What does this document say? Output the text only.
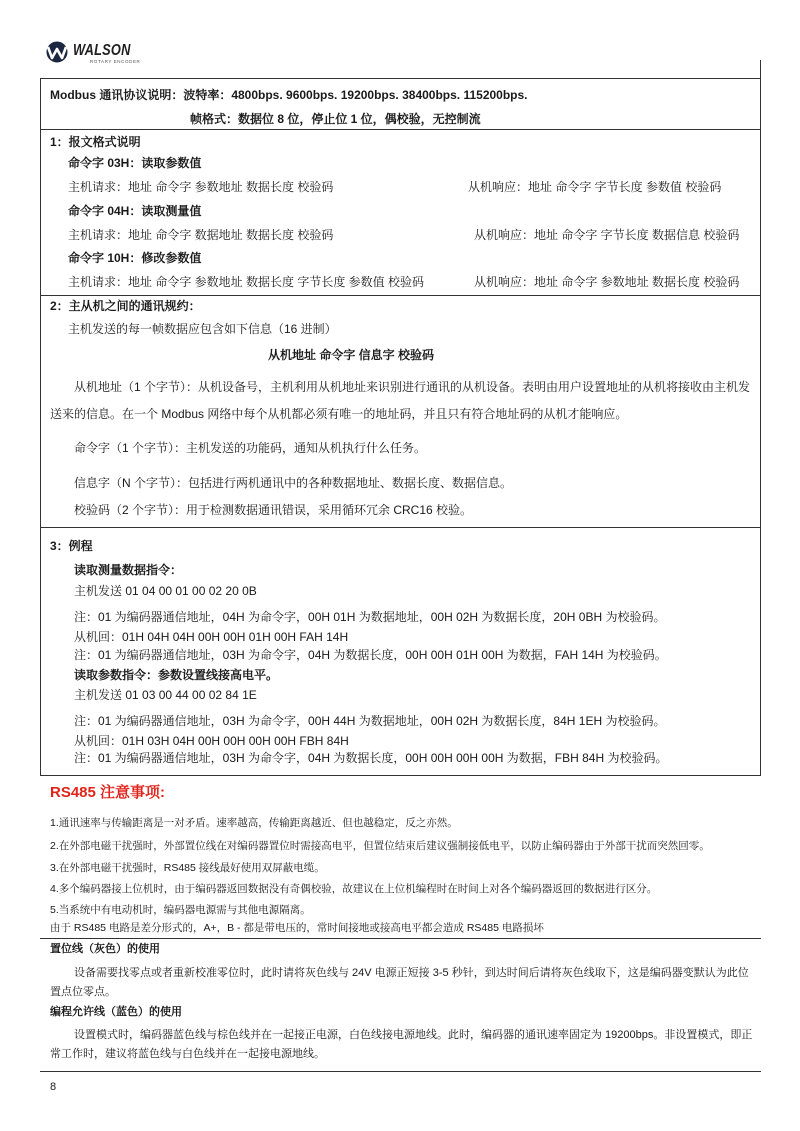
WALSON
ROTARY ENCODER
Modbus 通讯协议说明：波特率：4800bps. 9600bps. 19200bps. 38400bps. 115200bps.
帧格式：数据位 8 位，停止位 1 位，偶校验，无控制流
1：报文格式说明
命令字 03H：读取参数值
主机请求：地址 命令字 参数地址 数据长度 校验码	从机响应：地址 命令字 字节长度 参数值 校验码
命令字 04H：读取测量值
主机请求：地址 命令字 数据地址 数据长度 校验码	从机响应：地址 命令字 字节长度 数据信息 校验码
命令字 10H：修改参数值
主机请求：地址 命令字 参数地址 数据长度 字节长度 参数值 校验码	从机响应：地址 命令字 参数地址 数据长度 校验码
2：主从机之间的通讯规约：
主机发送的每一帧数据应包含如下信息（16 进制）
从机地址 命令字 信息字 校验码
从机地址（1 个字节）：从机设备号，主机利用从机地址来识别进行通讯的从机设备。表明由用户设置地址的从机将接收由主机发送来的信息。在一个 Modbus 网络中每个从机都必须有唯一的地址码，并且只有符合地址码的从机才能响应。
命令字（1 个字节）：主机发送的功能码，通知从机执行什么任务。
信息字（N 个字节）：包括进行两机通讯中的各种数据地址、数据长度、数据信息。
校验码（2 个字节）：用于检测数据通讯错误，采用循环冗余 CRC16 校验。
3：例程
读取测量数据指令：
主机发送 01 04 00 01 00 02 20 0B
注：01 为编码器通信地址，04H 为命令字，00H 01H 为数据地址，00H 02H 为数据长度，20H 0BH 为校验码。
从机回：01H 04H 04H 00H 00H 01H 00H FAH 14H
注：01 为编码器通信地址，03H 为命令字，04H 为数据长度，00H 00H 01H 00H 为数据，FAH 14H 为校验码。
读取参数指令：参数设置线接高电平。
主机发送 01 03 00 44 00 02 84 1E
注：01 为编码器通信地址，03H 为命令字，00H 44H 为数据地址，00H 02H 为数据长度，84H 1EH 为校验码。
从机回：01H 03H 04H 00H 00H 00H 00H FBH 84H
注：01 为编码器通信地址，03H 为命令字，04H 为数据长度，00H 00H 00H 00H 为数据，FBH 84H 为校验码。
RS485 注意事项:
1.通讯速率与传输距离是一对矛盾。速率越高，传输距离越近、但也越稳定，反之亦然。
2.在外部电磁干扰强时，外部置位线在对编码器置位时需接高电平，但置位结束后建议强制接低电平，以防止编码器由于外部干扰而突然回零。
3.在外部电磁干扰强时，RS485 接线最好使用双屏蔽电缆。
4.多个编码器接上位机时，由于编码器返回数据没有奇偶校验，故建议在上位机编程时在时间上对各个编码器返回的数据进行区分。
5.当系统中有电动机时，编码器电源需与其他电源隔离。
由于 RS485 电路是差分形式的，A+，B - 都是带电压的，常时间接地或接高电平都会造成 RS485 电路损坏
置位线（灰色）的使用
设备需要找零点或者重新校准零位时，此时请将灰色线与 24V 电源正短接 3-5 秒针，到达时间后请将灰色线取下，这是编码器变默认为此位置点位零点。
编程允许线（蓝色）的使用
设置模式时，编码器蓝色线与棕色线并在一起接正电源，白色线接电源地线。此时，编码器的通讯速率固定为 19200bps。非设置模式，即正常工作时，建议将蓝色线与白色线并在一起接电源地线。
8
